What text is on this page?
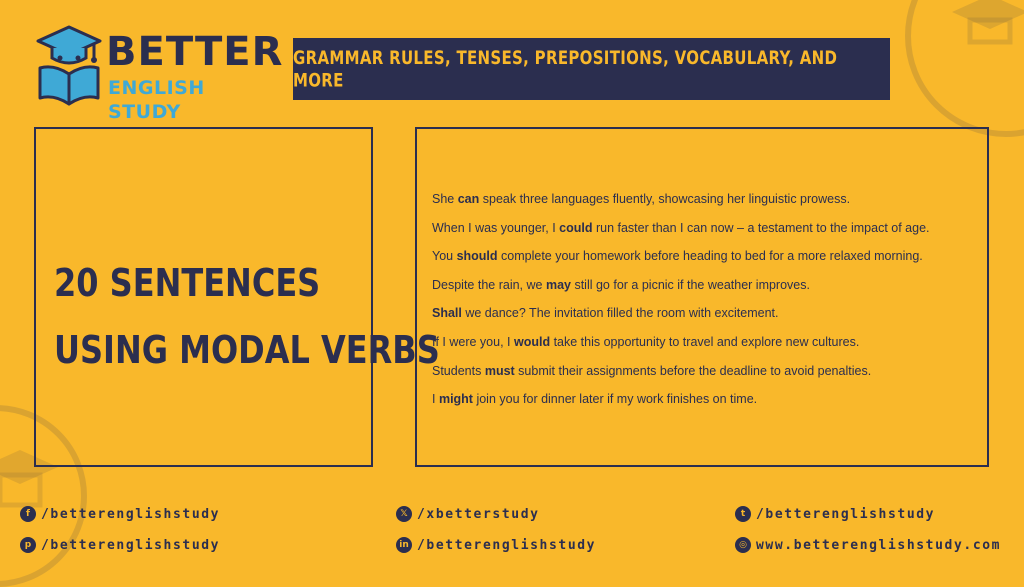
BETTER
ENGLISH STUDY
GRAMMAR RULES, TENSES, PREPOSITIONS, VOCABULARY, AND MORE
20 SENTENCES
USING MODAL VERBS
She can speak three languages fluently, showcasing her linguistic prowess.
When I was younger, I could run faster than I can now – a testament to the impact of age.
You should complete your homework before heading to bed for a more relaxed morning.
Despite the rain, we may still go for a picnic if the weather improves.
Shall we dance? The invitation filled the room with excitement.
If I were you, I would take this opportunity to travel and explore new cultures.
Students must submit their assignments before the deadline to avoid penalties.
I might join you for dinner later if my work finishes on time.
f /betterenglishstudy
p /betterenglishstudy
𝕏 /xbetterstudy
in /betterenglishstudy
t /betterenglishstudy
◎ www.betterenglishstudy.com
